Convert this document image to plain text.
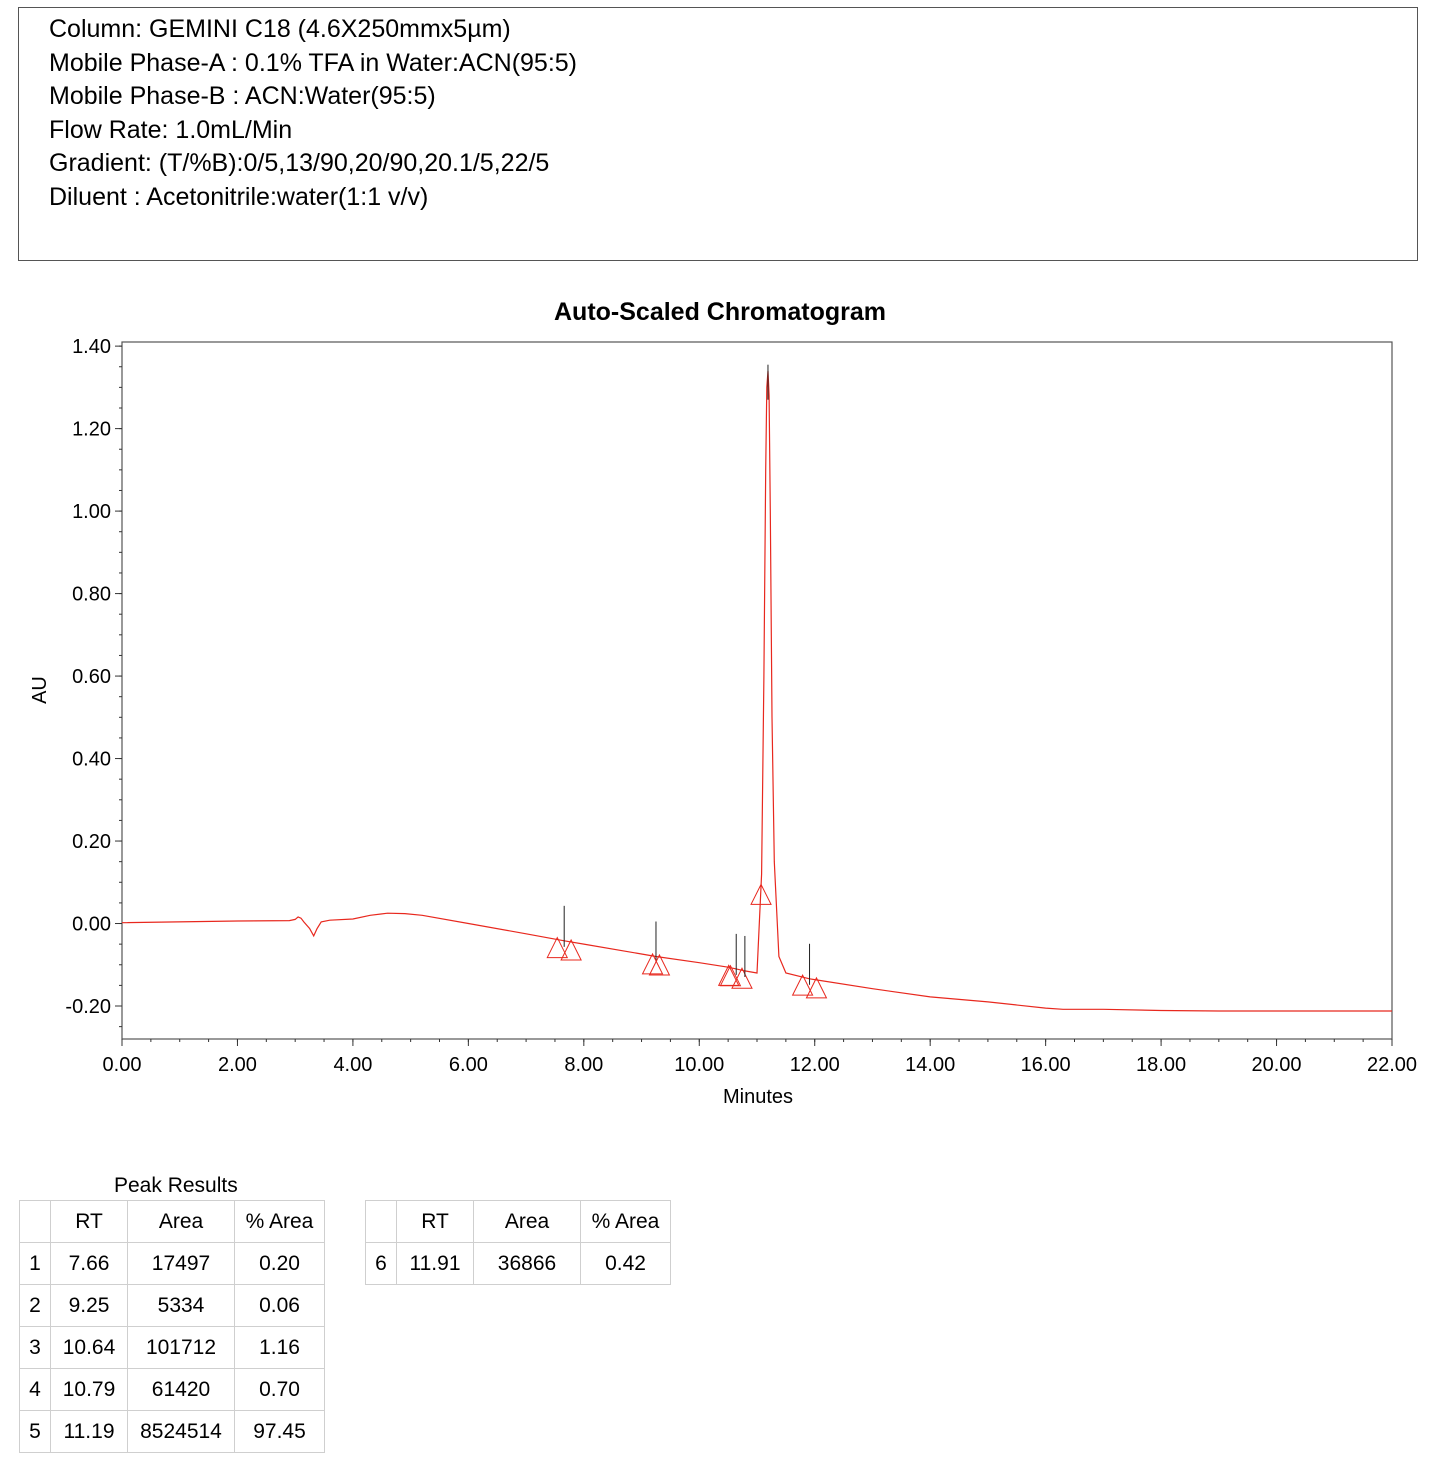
Column: GEMINI C18 (4.6X250mmx5µm)
Mobile Phase-A : 0.1% TFA in Water:ACN(95:5)
Mobile Phase-B : ACN:Water(95:5)
Flow Rate: 1.0mL/Min
Gradient: (T/%B):0/5,13/90,20/90,20.1/5,22/5
Diluent : Acetonitrile:water(1:1 v/v)
Auto-Scaled Chromatogram
-0.20
0.00
0.20
0.40
0.60
0.80
1.00
1.20
1.40
0.00	2.00	4.00	6.00	8.00	10.00	12.00	14.00	16.00	18.00	20.00	22.00
Minutes
AU
Peak Results
	RT	Area	% Area
1	7.66	17497	0.20
2	9.25	5334	0.06
3	10.64	101712	1.16
4	10.79	61420	0.70
5	11.19	8524514	97.45
	RT	Area	% Area
6	11.91	36866	0.42
